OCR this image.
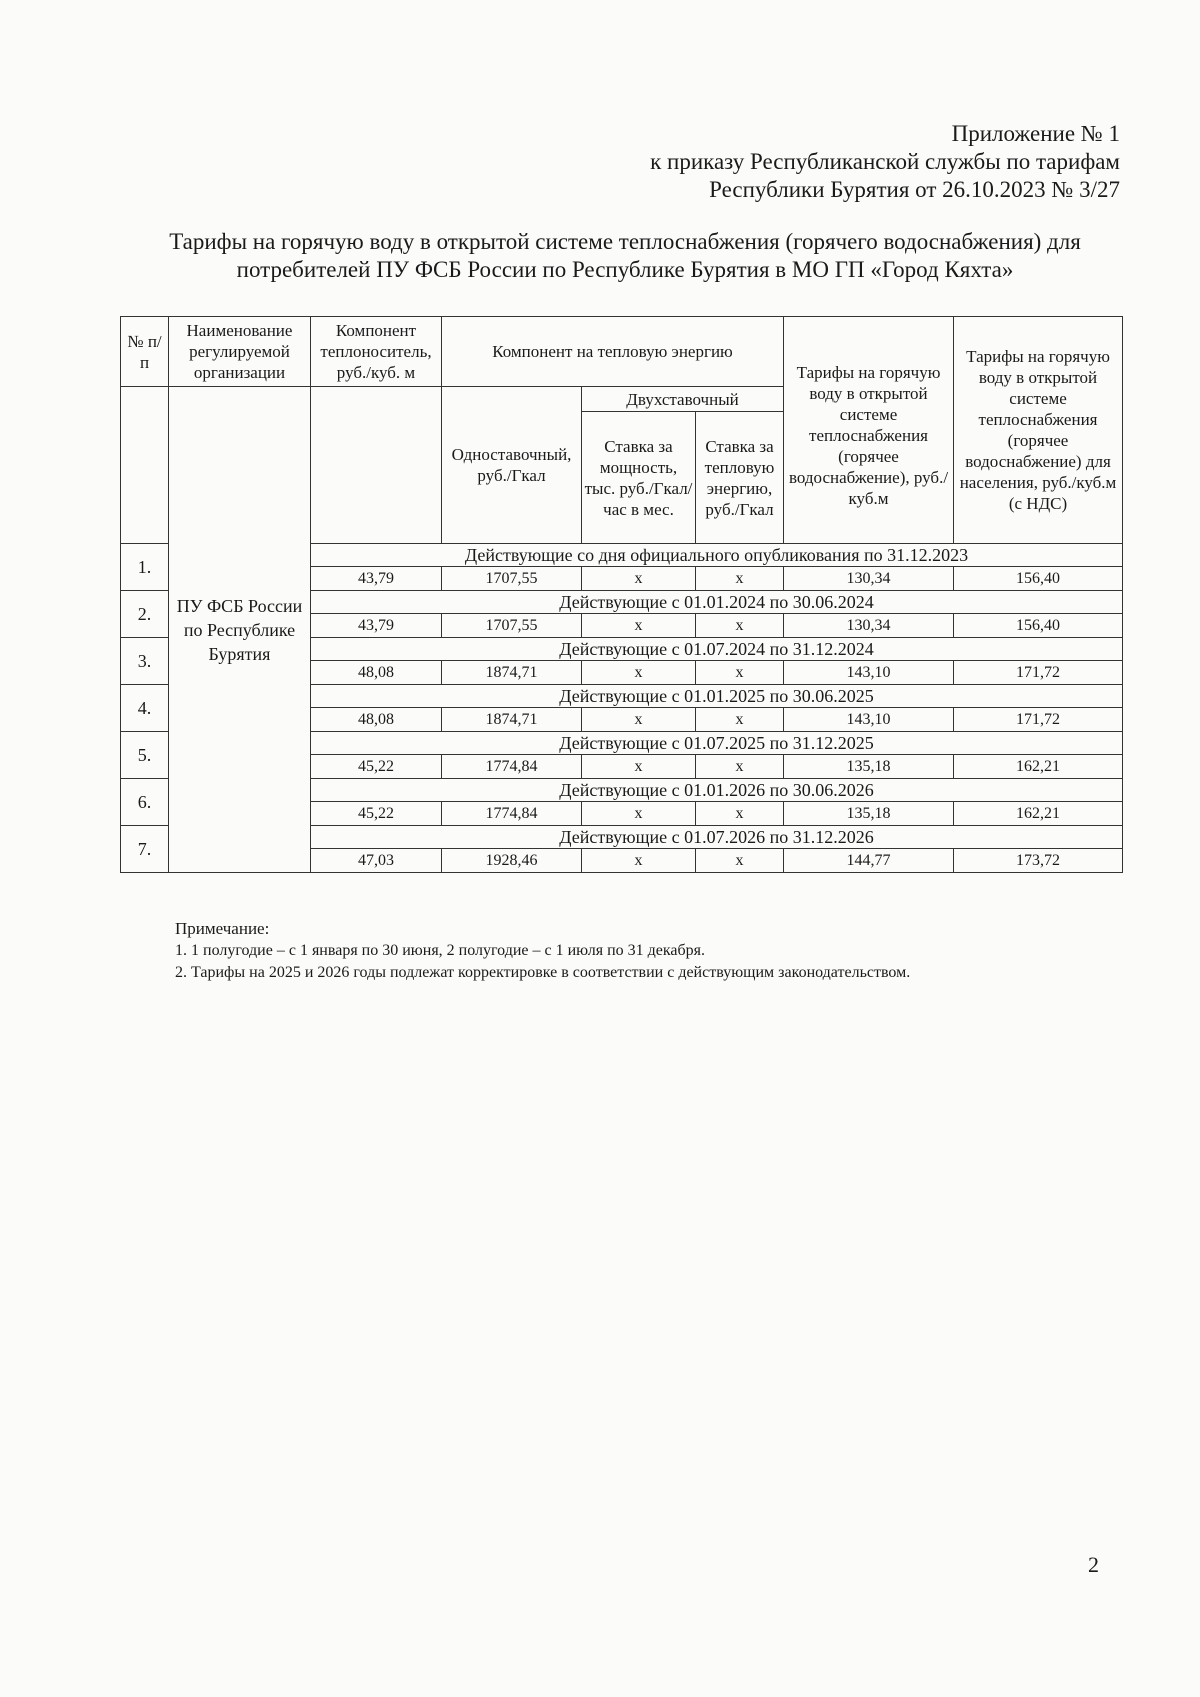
Приложение № 1
к приказу Республиканской службы по тарифам
Республики Бурятия от 26.10.2023 № 3/27
Тарифы на горячую воду в открытой системе теплоснабжения (горячего водоснабжения) для
потребителей ПУ ФСБ России по Республике Бурятия в МО ГП «Город Кяхта»
№ п/п	Наименование регулируемой организации	Компонент теплоноситель, руб./куб. м	Компонент на тепловую энергию			Тарифы на горячую воду в открытой системе теплоснабжения (горячее водоснабжение), руб./куб.м	Тарифы на горячую воду в открытой системе теплоснабжения (горячее водоснабжение) для населения, руб./куб.м (с НДС)
	ПУ ФСБ России по Республике Бурятия		Одноставочный, руб./Гкал	Двухставочный			
				Ставка за мощность, тыс. руб./Гкал/час в мес.	Ставка за тепловую энергию, руб./Гкал		
1.		Действующие со дня официального опубликования по 31.12.2023					
		43,79	1707,55	х	х	130,34	156,40
2.		Действующие с 01.01.2024 по 30.06.2024					
		43,79	1707,55	х	х	130,34	156,40
3.		Действующие с 01.07.2024 по 31.12.2024					
		48,08	1874,71	х	х	143,10	171,72
4.		Действующие с 01.01.2025 по 30.06.2025					
		48,08	1874,71	х	х	143,10	171,72
5.		Действующие с 01.07.2025 по 31.12.2025					
		45,22	1774,84	х	х	135,18	162,21
6.		Действующие с 01.01.2026 по 30.06.2026					
		45,22	1774,84	х	х	135,18	162,21
7.		Действующие с 01.07.2026 по 31.12.2026					
		47,03	1928,46	х	х	144,77	173,72
Примечание:
1. 1 полугодие – с 1 января по 30 июня, 2 полугодие – с 1 июля по 31 декабря.
2. Тарифы на 2025 и 2026 годы подлежат корректировке в соответствии с действующим законодательством.
2
